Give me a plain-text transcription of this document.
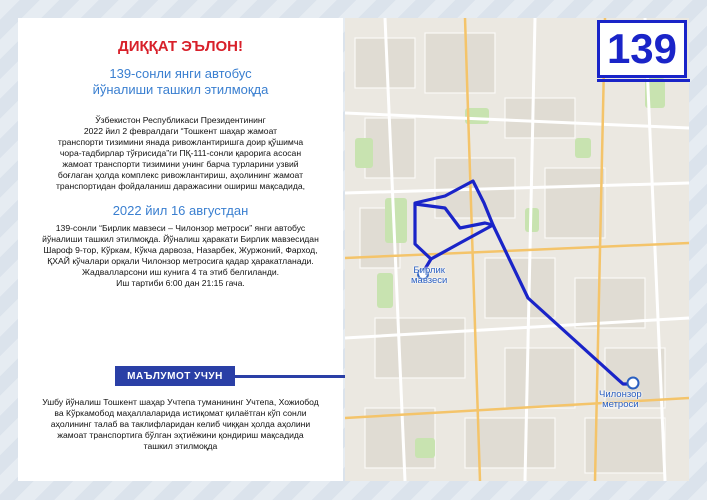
ДИҚҚАТ ЭЪЛОН!
139-сонли янги автобус
йўналиши ташкил этилмоқда
Ўзбекистон Республикаси Президентининг
2022 йил 2 февралдаги “Тошкент шаҳар жамоат
транспорти тизимини янада ривожлантиришга доир қўшимча
чора-тадбирлар тўғрисида”ги ПҚ-111-сонли қарорига асосан
жамоат транспорти тизимини унинг барча турларини узвий
боғлаган ҳолда комплекс ривожлантириш, аҳолининг жамоат
транспортидан фойдаланиш даражасини ошириш мақсадида,
2022 йил 16 августдан
139-сонли “Бирлик мавзеси – Чилонзор метроси” янги автобус
йўналиши ташкил этилмоқда. Йўналиш ҳаракати Бирлик мавзесидан
Шароф 9-тор, Кўркам, Кўкча дарвоза, Назарбек, Журжоний, Фарход,
ҚХАЙ кўчалари орқали Чилонзор метросига қадар ҳаракатланади.
Жадвалларсони иш кунига 4 та этиб белгиланди.
Иш тартиби 6:00 дан 21:15 гача.
МАЪЛУМОТ УЧУН
Ушбу йўналиш Тошкент шаҳар Учтепа туманининг Учтепа, Хожиобод
ва Кўркамобод маҳаллаларида истиқомат қилаётган кўп сонли
аҳолининг талаб ва таклифларидан келиб чиққан ҳолда аҳолини
жамоат транспортига бўлган эҳтиёжини қондириш мақсадида
ташкил этилмоқда
Бирлик
мавзеси
Чилонзор
метроси
139
